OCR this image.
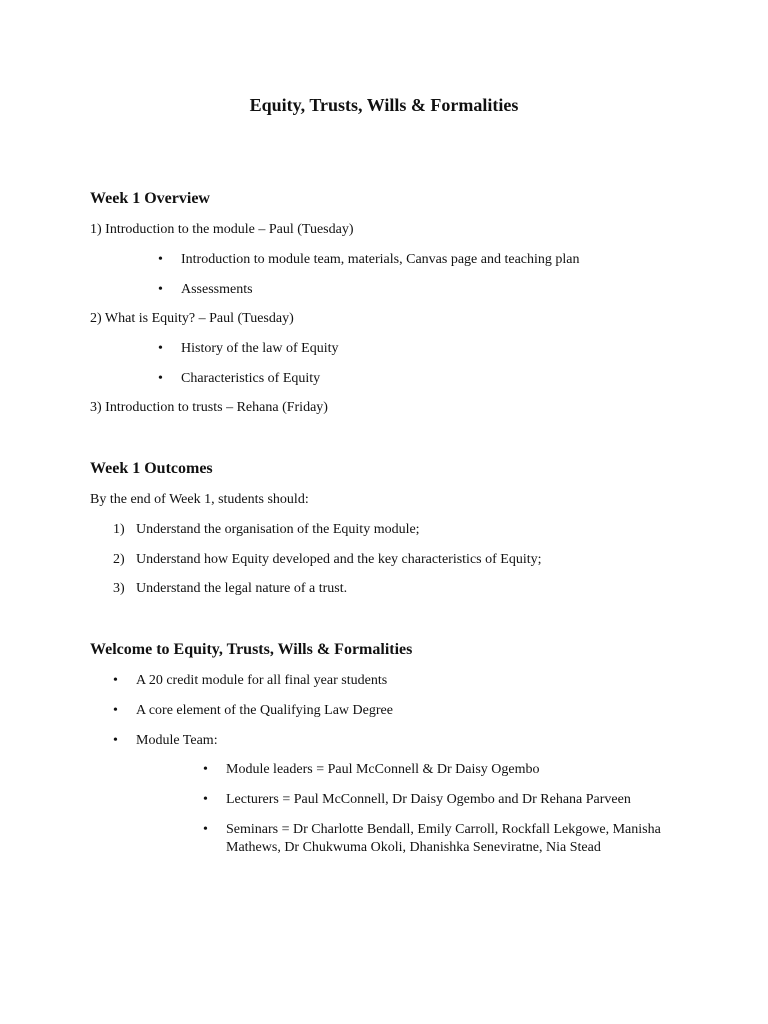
Equity, Trusts, Wills & Formalities
Week 1 Overview

1) Introduction to the module – Paul (Tuesday)

• Introduction to module team, materials, Canvas page and teaching plan

• Assessments

2) What is Equity? – Paul (Tuesday)

• History of the law of Equity

• Characteristics of Equity

3) Introduction to trusts – Rehana (Friday)

Week 1 Outcomes

By the end of Week 1, students should:

1) Understand the organisation of the Equity module;

2) Understand how Equity developed and the key characteristics of Equity;

3) Understand the legal nature of a trust.

Welcome to Equity, Trusts, Wills & Formalities
• A 20 credit module for all final year students

• A core element of the Qualifying Law Degree

• Module Team:

• Module leaders = Paul McConnell & Dr Daisy Ogembo

• Lecturers = Paul McConnell, Dr Daisy Ogembo and Dr Rehana Parveen

• Seminars = Dr Charlotte Bendall, Emily Carroll, Rockfall Lekgowe, Manisha Mathews, Dr Chukwuma Okoli, Dhanishka Seneviratne, Nia Stead
